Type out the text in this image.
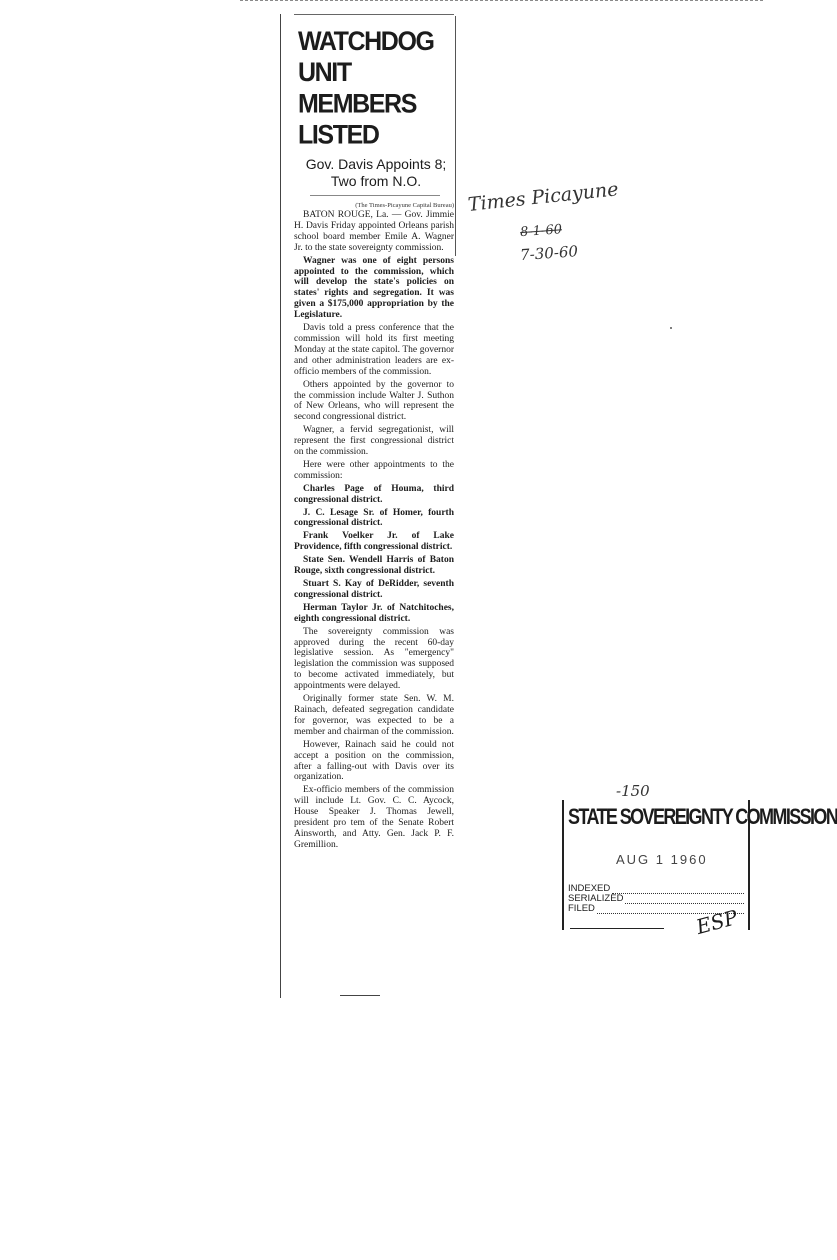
WATCHDOG UNIT
MEMBERS LISTED
Gov. Davis Appoints 8;
Two from N.O.
(The Times-Picayune Capital Bureau)

BATON ROUGE, La. — Gov. Jimmie H. Davis Friday appointed Orleans parish school board member Emile A. Wagner Jr. to the state sovereignty commission.

Wagner was one of eight persons appointed to the commission, which will develop the state's policies on states' rights and segregation. It was given a $175,000 appropriation by the Legislature.

Davis told a press conference that the commission will hold its first meeting Monday at the state capitol. The governor and other administration leaders are ex-officio members of the commission.

Others appointed by the governor to the commission include Walter J. Suthon of New Orleans, who will represent the second congressional district.

Wagner, a fervid segregationist, will represent the first congressional district on the commission.

Here were other appointments to the commission:

Charles Page of Houma, third congressional district.

J. C. Lesage Sr. of Homer, fourth congressional district.

Frank Voelker Jr. of Lake Providence, fifth congressional district.

State Sen. Wendell Harris of Baton Rouge, sixth congressional district.

Stuart S. Kay of DeRidder, seventh congressional district.

Herman Taylor Jr. of Natchitoches, eighth congressional district.

The sovereignty commission was approved during the recent 60-day legislative session. As "emergency" legislation the commission was supposed to become activated immediately, but appointments were delayed.

Originally former state Sen. W. M. Rainach, defeated segregation candidate for governor, was expected to be a member and chairman of the commission.

However, Rainach said he could not accept a position on the commission, after a falling-out with Davis over its organization.

Ex-officio members of the commission will include Lt. Gov. C. C. Aycock, House Speaker J. Thomas Jewell, president pro tem of the Senate Robert Ainsworth, and Atty. Gen. Jack P. F. Gremillion.

Times Picayune
8-1-60
7-30-60
-150
STATE SOVEREIGNTY COMMISSION
AUG 1 1960
INDEXED
SERIALIZED
FILED	ESP
